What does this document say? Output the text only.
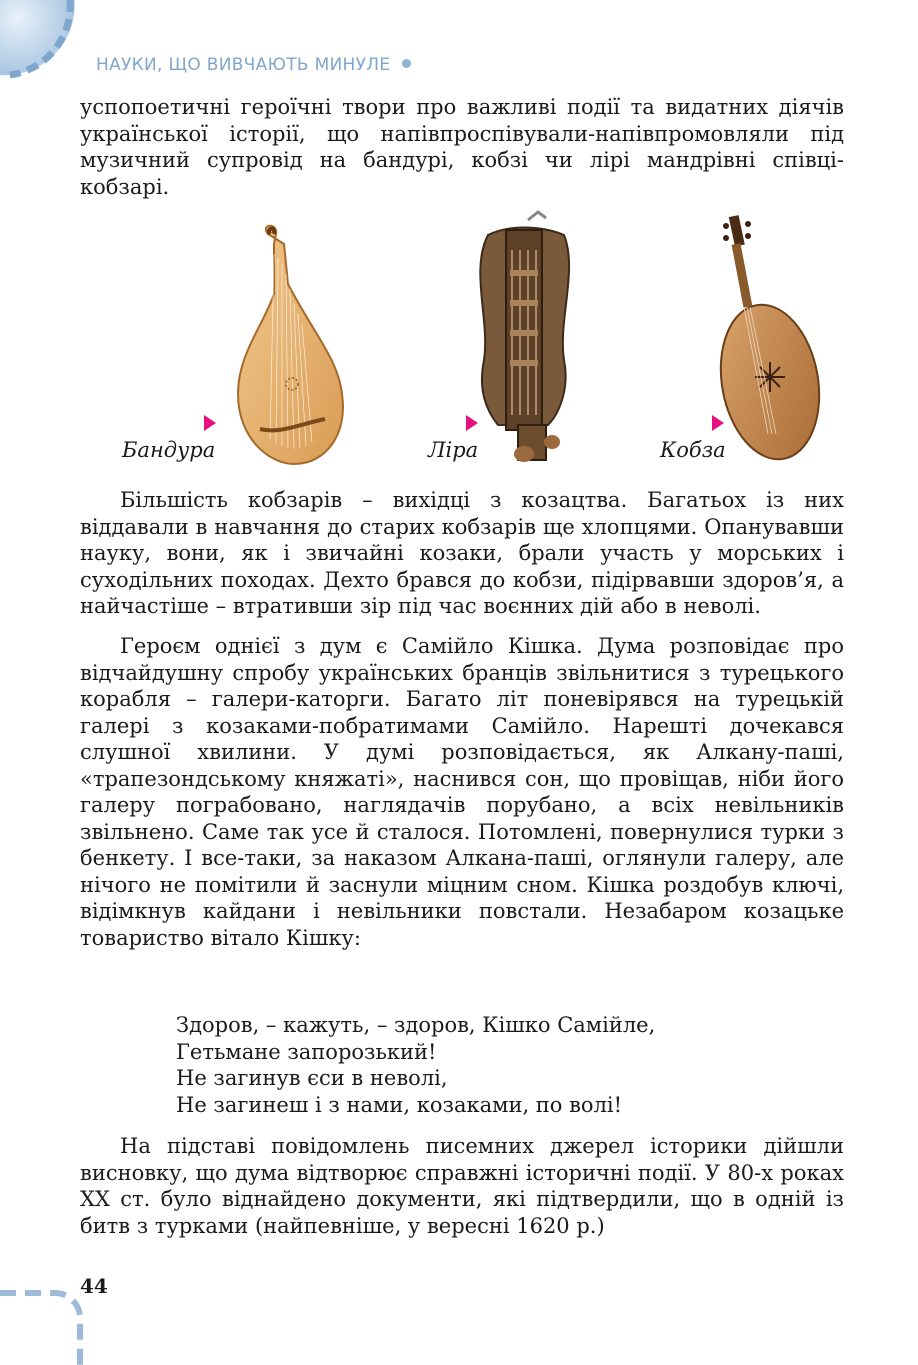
НАУКИ, ЩО ВИВЧАЮТЬ МИНУЛЕ

успопоетичні героїчні твори про важливі події та видатних діячів української історії, що напівпроспівували-напівпромовляли під музичний супровід на бандурі, кобзі чи лірі мандрівні співці-кобзарі.

Бандура	Ліра	Кобза

Більшість кобзарів – вихідці з козацтва. Багатьох із них віддавали в навчання до старих кобзарів ще хлопцями. Опанувавши науку, вони, як і звичайні козаки, брали участь у морських і суходільних походах. Дехто брався до кобзи, підірвавши здоров’я, а найчастіше – втративши зір під час воєнних дій або в неволі.

Героєм однієї з дум є Самійло Кішка. Дума розповідає про відчайдушну спробу українських бранців звільнитися з турецького корабля – галери-каторги. Багато літ поневірявся на турецькій галері з козаками-побратимами Самійло. Нарешті дочекався слушної хвилини. У думі розповідається, як Алкану-паші, «трапезондському княжаті», наснився сон, що провіщав, ніби його галеру пограбовано, наглядачів порубано, а всіх невільників звільнено. Саме так усе й сталося. Потомлені, повернулися турки з бенкету. І все-таки, за наказом Алкана-паші, оглянули галеру, але нічого не помітили й заснули міцним сном. Кішка роздобув ключі, відімкнув кайдани і невільники повстали. Незабаром козацьке товариство вітало Кішку:

Здоров, – кажуть, – здоров, Кішко Самійле,
Гетьмане запорозький!
Не загинув єси в неволі,
Не загинеш і з нами, козаками, по волі!

На підставі повідомлень писемних джерел історики дійшли висновку, що дума відтворює справжні історичні події. У 80-х роках XX ст. було віднайдено документи, які підтвердили, що в одній із битв з турками (найпевніше, у вересні 1620 р.)

44
